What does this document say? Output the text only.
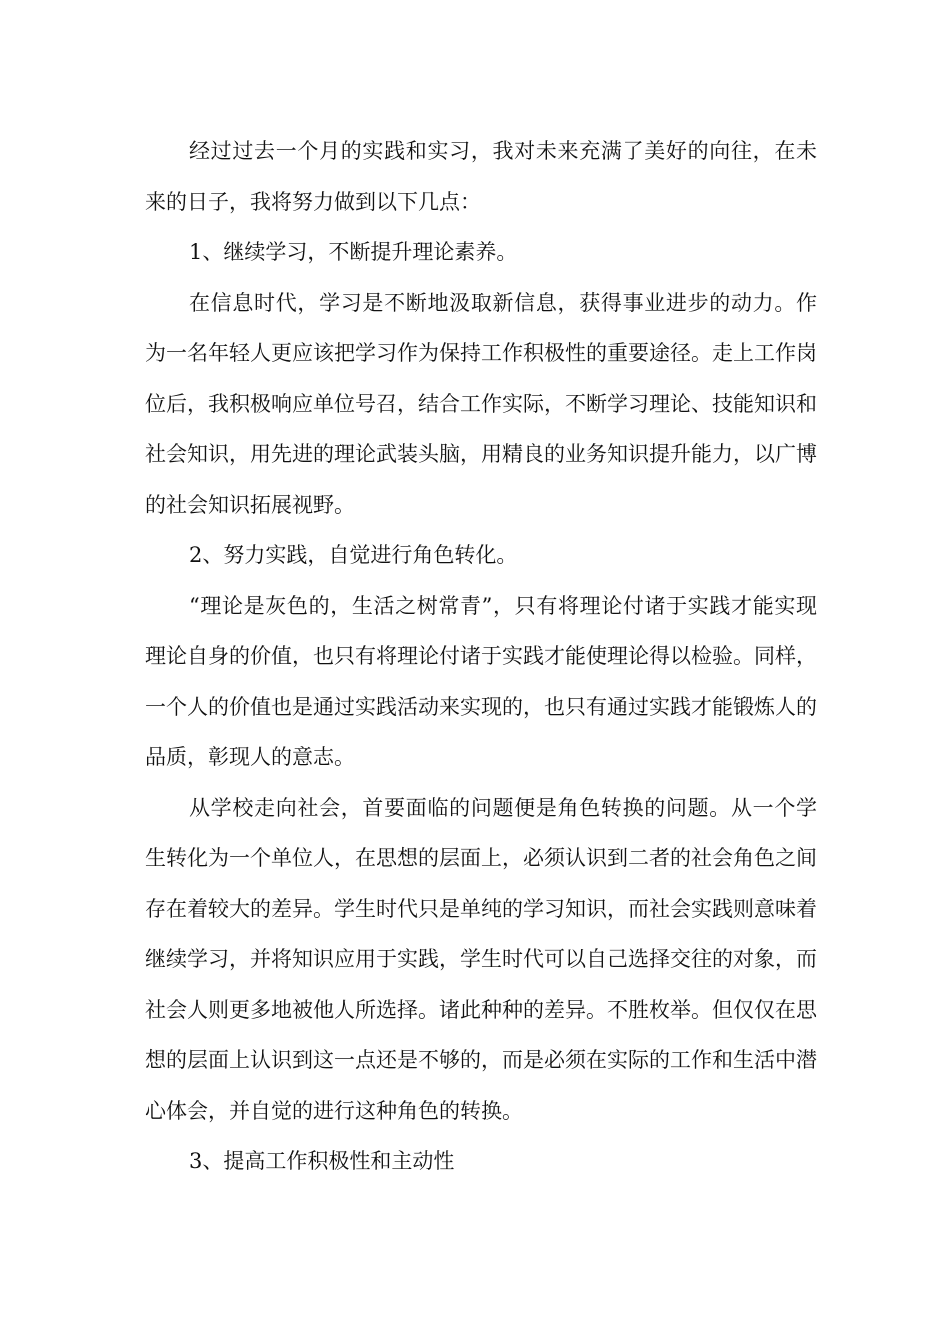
经过过去一个月的实践和实习，我对未来充满了美好的向往，在未来的日子，我将努力做到以下几点：

1、继续学习，不断提升理论素养。

在信息时代，学习是不断地汲取新信息，获得事业进步的动力。作为一名年轻人更应该把学习作为保持工作积极性的重要途径。走上工作岗位后，我积极响应单位号召，结合工作实际，不断学习理论、技能知识和社会知识，用先进的理论武装头脑，用精良的业务知识提升能力，以广博的社会知识拓展视野。

2、努力实践，自觉进行角色转化。

“理论是灰色的，生活之树常青”，只有将理论付诸于实践才能实现理论自身的价值，也只有将理论付诸于实践才能使理论得以检验。同样，一个人的价值也是通过实践活动来实现的，也只有通过实践才能锻炼人的品质，彰现人的意志。

从学校走向社会，首要面临的问题便是角色转换的问题。从一个学生转化为一个单位人，在思想的层面上，必须认识到二者的社会角色之间存在着较大的差异。学生时代只是单纯的学习知识，而社会实践则意味着继续学习，并将知识应用于实践，学生时代可以自己选择交往的对象，而社会人则更多地被他人所选择。诸此种种的差异。不胜枚举。但仅仅在思想的层面上认识到这一点还是不够的，而是必须在实际的工作和生活中潜心体会，并自觉的进行这种角色的转换。

3、提高工作积极性和主动性
